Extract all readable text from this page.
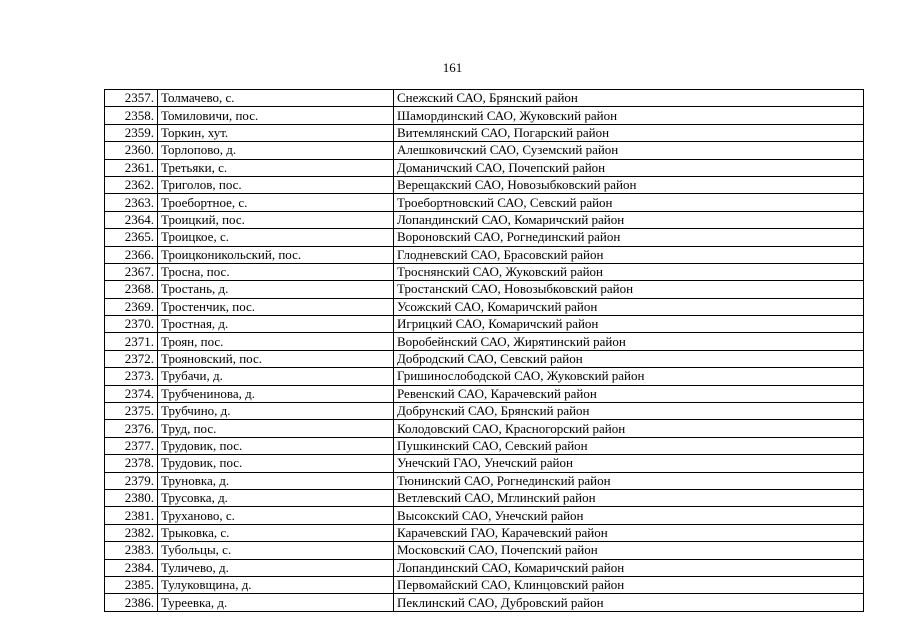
161
2357.	Толмачево, с.	Снежский САО, Брянский район
2358.	Томиловичи, пос.	Шамординский САО, Жуковский район
2359.	Торкин, хут.	Витемлянский САО, Погарский район
2360.	Торлопово, д.	Алешковичский САО, Суземский район
2361.	Третьяки, с.	Доманичский САО, Почепский район
2362.	Триголов, пос.	Верещакский САО, Новозыбковский район
2363.	Троебортное, с.	Троебортновский САО, Севский район
2364.	Троицкий, пос.	Лопандинский САО, Комаричский район
2365.	Троицкое, с.	Вороновский САО, Рогнединский район
2366.	Троицконикольский, пос.	Глодневский САО, Брасовский район
2367.	Тросна, пос.	Троснянский САО, Жуковский район
2368.	Тростань, д.	Тростанский САО, Новозыбковский район
2369.	Тростенчик, пос.	Усожский САО, Комаричский район
2370.	Тростная, д.	Игрицкий САО, Комаричский район
2371.	Троян, пос.	Воробейнский САО, Жирятинский район
2372.	Трояновский, пос.	Добродский САО, Севский район
2373.	Трубачи, д.	Гришинослободской САО, Жуковский район
2374.	Трубченинова, д.	Ревенский САО, Карачевский район
2375.	Трубчино, д.	Добрунский САО, Брянский район
2376.	Труд, пос.	Колодовский САО, Красногорский район
2377.	Трудовик, пос.	Пушкинский САО, Севский район
2378.	Трудовик, пос.	Унечский ГАО, Унечский район
2379.	Труновка, д.	Тюнинский САО, Рогнединский район
2380.	Трусовка, д.	Ветлевский САО, Мглинский район
2381.	Труханово, с.	Высокский САО, Унечский район
2382.	Трыковка, с.	Карачевский ГАО, Карачевский район
2383.	Тубольцы, с.	Московский САО, Почепский район
2384.	Туличево, д.	Лопандинский САО, Комаричский район
2385.	Тулуковщина, д.	Первомайский САО, Клинцовский район
2386.	Туреевка, д.	Пеклинский САО, Дубровский район
